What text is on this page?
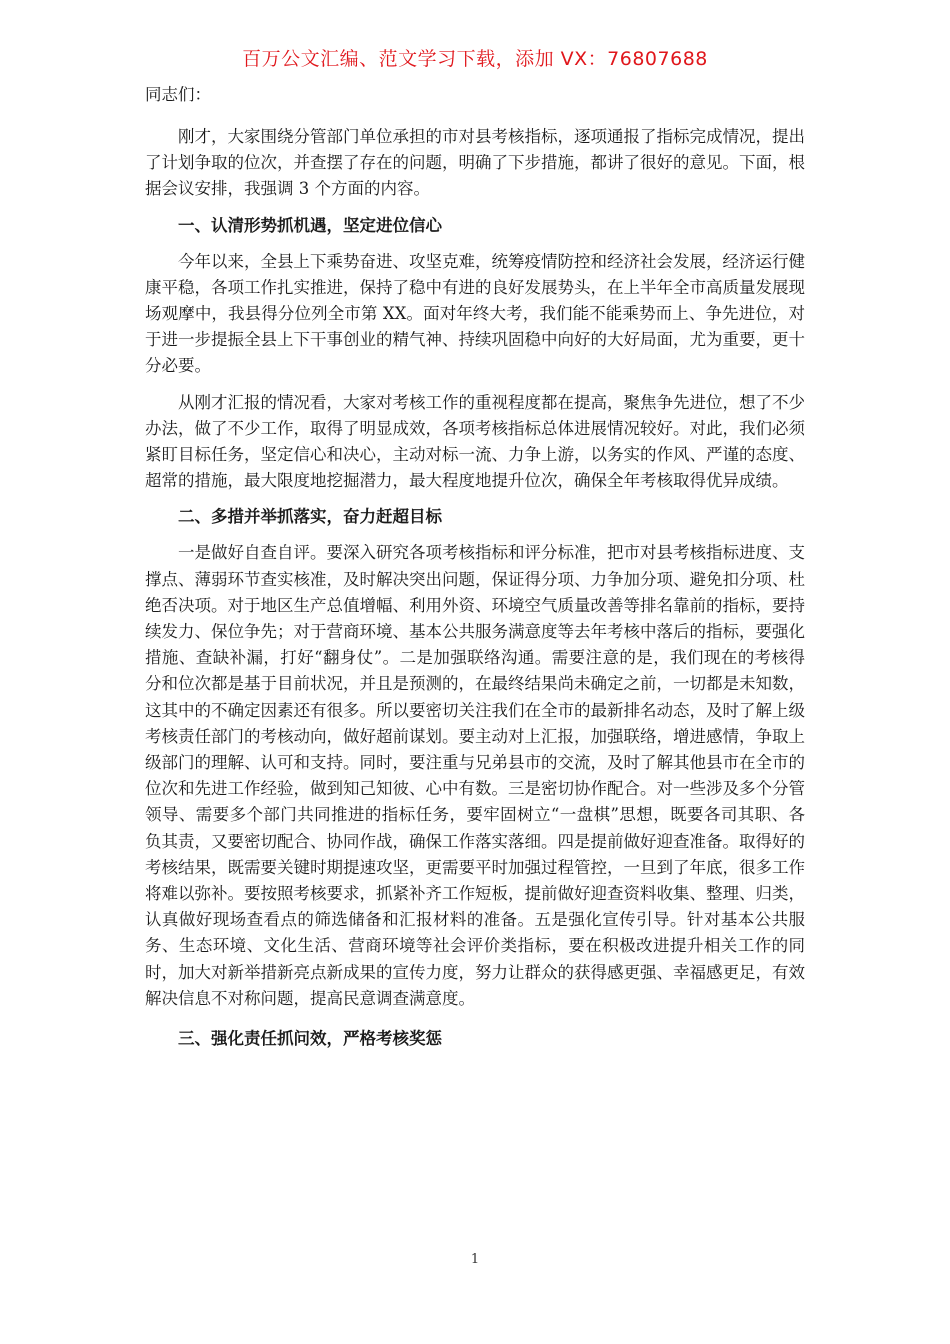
百万公文汇编、范文学习下载，添加 VX：76807688
同志们：

刚才，大家围绕分管部门单位承担的市对县考核指标，逐项通报了指标完成情况，提出了计划争取的位次，并查摆了存在的问题，明确了下步措施，都讲了很好的意见。下面，根据会议安排，我强调 3 个方面的内容。

一、认清形势抓机遇，坚定进位信心

今年以来，全县上下乘势奋进、攻坚克难，统筹疫情防控和经济社会发展，经济运行健康平稳，各项工作扎实推进，保持了稳中有进的良好发展势头，在上半年全市高质量发展现场观摩中，我县得分位列全市第 XX。面对年终大考，我们能不能乘势而上、争先进位，对于进一步提振全县上下干事创业的精气神、持续巩固稳中向好的大好局面，尤为重要，更十分必要。

从刚才汇报的情况看，大家对考核工作的重视程度都在提高，聚焦争先进位，想了不少办法，做了不少工作，取得了明显成效，各项考核指标总体进展情况较好。对此，我们必须紧盯目标任务，坚定信心和决心，主动对标一流、力争上游，以务实的作风、严谨的态度、超常的措施，最大限度地挖掘潜力，最大程度地提升位次，确保全年考核取得优异成绩。

二、多措并举抓落实，奋力赶超目标

一是做好自查自评。要深入研究各项考核指标和评分标准，把市对县考核指标进度、支撑点、薄弱环节查实核准，及时解决突出问题，保证得分项、力争加分项、避免扣分项、杜绝否决项。对于地区生产总值增幅、利用外资、环境空气质量改善等排名靠前的指标，要持续发力、保位争先；对于营商环境、基本公共服务满意度等去年考核中落后的指标，要强化措施、查缺补漏，打好“翻身仗”。二是加强联络沟通。需要注意的是，我们现在的考核得分和位次都是基于目前状况，并且是预测的，在最终结果尚未确定之前，一切都是未知数，这其中的不确定因素还有很多。所以要密切关注我们在全市的最新排名动态，及时了解上级考核责任部门的考核动向，做好超前谋划。要主动对上汇报，加强联络，增进感情，争取上级部门的理解、认可和支持。同时，要注重与兄弟县市的交流，及时了解其他县市在全市的位次和先进工作经验，做到知己知彼、心中有数。三是密切协作配合。对一些涉及多个分管领导、需要多个部门共同推进的指标任务，要牢固树立“一盘棋”思想，既要各司其职、各负其责，又要密切配合、协同作战，确保工作落实落细。四是提前做好迎查准备。取得好的考核结果，既需要关键时期提速攻坚，更需要平时加强过程管控，一旦到了年底，很多工作将难以弥补。要按照考核要求，抓紧补齐工作短板，提前做好迎查资料收集、整理、归类，认真做好现场查看点的筛选储备和汇报材料的准备。五是强化宣传引导。针对基本公共服务、生态环境、文化生活、营商环境等社会评价类指标，要在积极改进提升相关工作的同时，加大对新举措新亮点新成果的宣传力度，努力让群众的获得感更强、幸福感更足，有效解决信息不对称问题，提高民意调查满意度。

三、强化责任抓问效，严格考核奖惩
1
